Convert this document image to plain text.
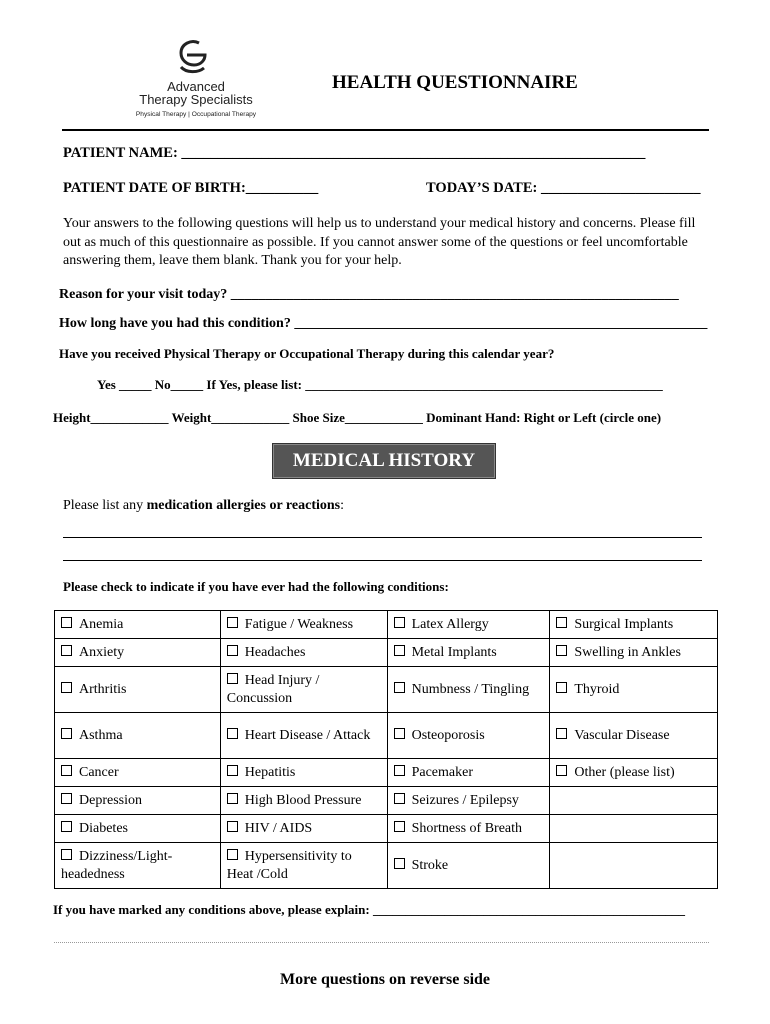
Advanced
Therapy Specialists
Physical Therapy | Occupational Therapy
HEALTH QUESTIONNAIRE
PATIENT NAME: ________________________________________________________________
PATIENT DATE OF BIRTH:__________	TODAY’S DATE: ______________________
Your answers to the following questions will help us to understand your medical history and concerns. Please fill out as much of this questionnaire as possible. If you cannot answer some of the questions or feel uncomfortable answering them, leave them blank. Thank you for your help.
Reason for your visit today? ________________________________________________________________
How long have you had this condition? ___________________________________________________________
Have you received Physical Therapy or Occupational Therapy during this calendar year?
Yes _____ No_____ If Yes, please list: _______________________________________________________
Height____________ Weight____________ Shoe Size____________ Dominant Hand: Right or Left (circle one)
MEDICAL HISTORY
Please list any medication allergies or reactions:
Please check to indicate if you have ever had the following conditions:
Anemia	Fatigue / Weakness	Latex Allergy	Surgical Implants
Anxiety	Headaches	Metal Implants	Swelling in Ankles
Arthritis	Head Injury / Concussion	Numbness / Tingling	Thyroid
Asthma	Heart Disease / Attack	Osteoporosis	Vascular Disease
Cancer	Hepatitis	Pacemaker	Other (please list)
Depression	High Blood Pressure	Seizures / Epilepsy	
Diabetes	HIV / AIDS	Shortness of Breath	
Dizziness/Light-headedness	Hypersensitivity to Heat /Cold	Stroke	
If you have marked any conditions above, please explain: ________________________________________________
More questions on reverse side
